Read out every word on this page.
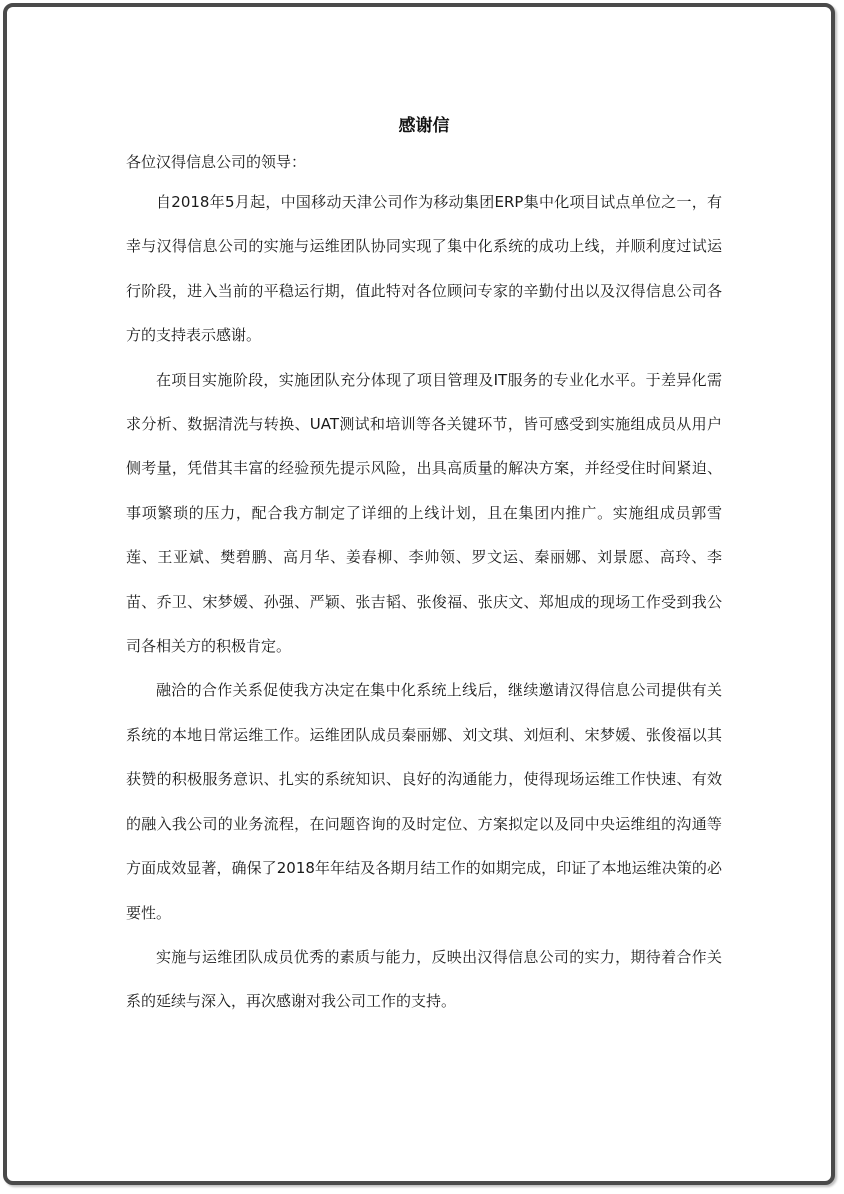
感谢信

各位汉得信息公司的领导：

自2018年5月起，中国移动天津公司作为移动集团ERP集中化项目试点单位之一，有幸与汉得信息公司的实施与运维团队协同实现了集中化系统的成功上线，并顺利度过试运行阶段，进入当前的平稳运行期，值此特对各位顾问专家的辛勤付出以及汉得信息公司各方的支持表示感谢。

在项目实施阶段，实施团队充分体现了项目管理及IT服务的专业化水平。于差异化需求分析、数据清洗与转换、UAT测试和培训等各关键环节，皆可感受到实施组成员从用户侧考量，凭借其丰富的经验预先提示风险，出具高质量的解决方案，并经受住时间紧迫、事项繁琐的压力，配合我方制定了详细的上线计划，且在集团内推广。实施组成员郭雪莲、王亚斌、樊碧鹏、高月华、姜春柳、李帅领、罗文运、秦丽娜、刘景愿、高玲、李苗、乔卫、宋梦媛、孙强、严颖、张吉韬、张俊福、张庆文、郑旭成的现场工作受到我公司各相关方的积极肯定。

融洽的合作关系促使我方决定在集中化系统上线后，继续邀请汉得信息公司提供有关系统的本地日常运维工作。运维团队成员秦丽娜、刘文琪、刘烜利、宋梦媛、张俊福以其获赞的积极服务意识、扎实的系统知识、良好的沟通能力，使得现场运维工作快速、有效的融入我公司的业务流程，在问题咨询的及时定位、方案拟定以及同中央运维组的沟通等方面成效显著，确保了2018年年结及各期月结工作的如期完成，印证了本地运维决策的必要性。

实施与运维团队成员优秀的素质与能力，反映出汉得信息公司的实力，期待着合作关系的延续与深入，再次感谢对我公司工作的支持。
